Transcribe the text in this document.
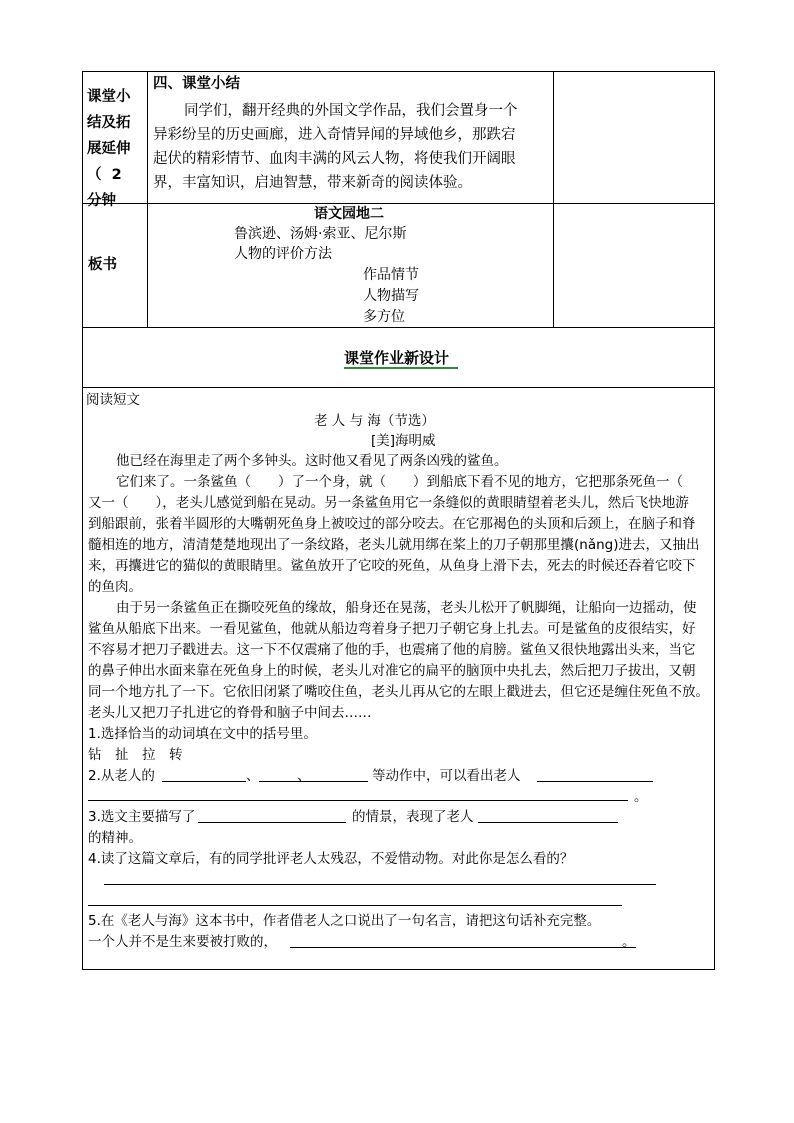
课堂小
结及拓
展延伸
（  2
分钟
四、课堂小结
同学们，翻开经典的外国文学作品，我们会置身一个
异彩纷呈的历史画廊，进入奇情异闻的异域他乡，那跌宕
起伏的精彩情节、血肉丰满的风云人物，将使我们开阔眼
界，丰富知识，启迪智慧，带来新奇的阅读体验。
板书
语文园地二
鲁滨逊、汤姆·索亚、尼尔斯
人物的评价方法
作品情节
人物描写
多方位
课堂作业新设计
阅读短文
老 人 与 海（节选）
[美]海明威
他已经在海里走了两个多钟头。这时他又看见了两条凶残的鲨鱼。
它们来了。一条鲨鱼（　　）了一个身，就（　　）到船底下看不见的地方，它把那条死鱼一（
又一（　　），老头儿感觉到船在晃动。另一条鲨鱼用它一条缝似的黄眼睛望着老头儿，然后飞快地游
到船跟前，张着半圆形的大嘴朝死鱼身上被咬过的部分咬去。在它那褐色的头顶和后颈上，在脑子和脊
髓相连的地方，清清楚楚地现出了一条纹路，老头儿就用绑在桨上的刀子朝那里攮(nǎng)进去，又抽出
来，再攮进它的猫似的黄眼睛里。鲨鱼放开了它咬的死鱼，从鱼身上滑下去，死去的时候还吞着它咬下
的鱼肉。
由于另一条鲨鱼正在撕咬死鱼的缘故，船身还在晃荡，老头儿松开了帆脚绳，让船向一边摇动，使
鲨鱼从船底下出来。一看见鲨鱼，他就从船边弯着身子把刀子朝它身上扎去。可是鲨鱼的皮很结实，好
不容易才把刀子戳进去。这一下不仅震痛了他的手，也震痛了他的肩膀。鲨鱼又很快地露出头来，当它
的鼻子伸出水面来靠在死鱼身上的时候，老头儿对准它的扁平的脑顶中央扎去，然后把刀子拔出，又朝
同一个地方扎了一下。它依旧闭紧了嘴咬住鱼，老头儿再从它的左眼上戳进去，但它还是缠住死鱼不放。
老头儿又把刀子扎进它的脊骨和脑子中间去……
1.选择恰当的动词填在文中的括号里。
钻　扯　拉　转
2.从老人的	、	、	等动作中，可以看出老人
。
3.选文主要描写了	的情景，表现了老人
的精神。
4.读了这篇文章后，有的同学批评老人太残忍，不爱惜动物。对此你是怎么看的？
5.在《老人与海》这本书中，作者借老人之口说出了一句名言，请把这句话补充完整。
一个人并不是生来要被打败的，	。
